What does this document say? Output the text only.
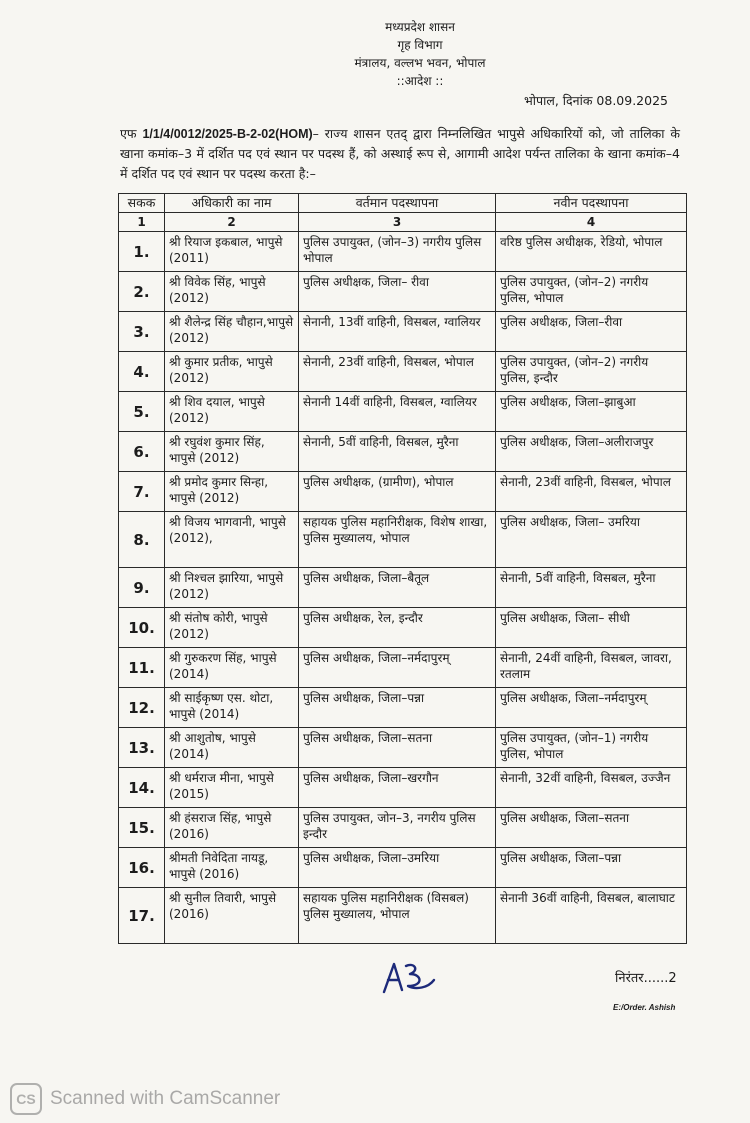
मध्यप्रदेश शासन
गृह विभाग
मंत्रालय, वल्लभ भवन, भोपाल
::आदेश ::
भोपाल, दिनांक 08.09.2025
एफ 1/1/4/0012/2025-B-2-02(HOM)– राज्य शासन एतद् द्वारा निम्नलिखित भापुसे अधिकारियों को, जो तालिका के खाना कमांक–3 में दर्शित पद एवं स्थान पर पदस्थ हैं, को अस्थाई रूप से, आगामी आदेश पर्यन्त तालिका के खाना कमांक–4 में दर्शित पद एवं स्थान पर पदस्थ करता है:–
सकक	अधिकारी का नाम	वर्तमान पदस्थापना	नवीन पदस्थापना
1	2	3	4
1.	श्री रियाज इकबाल, भापुसे (2011)	पुलिस उपायुक्त, (जोन–3) नगरीय पुलिस भोपाल	वरिष्ठ पुलिस अधीक्षक, रेडियो, भोपाल
2.	श्री विवेक सिंह, भापुसे (2012)	पुलिस अधीक्षक, जिला– रीवा	पुलिस उपायुक्त, (जोन–2) नगरीय पुलिस, भोपाल
3.	श्री शैलेन्द्र सिंह चौहान,भापुसे (2012)	सेनानी, 13वीं वाहिनी, विसबल, ग्वालियर	पुलिस अधीक्षक, जिला–रीवा
4.	श्री कुमार प्रतीक, भापुसे (2012)	सेनानी, 23वीं वाहिनी, विसबल, भोपाल	पुलिस उपायुक्त, (जोन–2) नगरीय पुलिस, इन्दौर
5.	श्री शिव दयाल, भापुसे (2012)	सेनानी 14वीं वाहिनी, विसबल, ग्वालियर	पुलिस अधीक्षक, जिला–झाबुआ
6.	श्री रघुवंश कुमार सिंह, भापुसे (2012)	सेनानी, 5वीं वाहिनी, विसबल, मुरैना	पुलिस अधीक्षक, जिला–अलीराजपुर
7.	श्री प्रमोद कुमार सिन्हा, भापुसे (2012)	पुलिस अधीक्षक, (ग्रामीण), भोपाल	सेनानी, 23वीं वाहिनी, विसबल, भोपाल
8.	श्री विजय भागवानी, भापुसे (2012),	सहायक पुलिस महानिरीक्षक, विशेष शाखा, पुलिस मुख्यालय, भोपाल	पुलिस अधीक्षक, जिला– उमरिया
9.	श्री निश्चल झारिया, भापुसे (2012)	पुलिस अधीक्षक, जिला–बैतूल	सेनानी, 5वीं वाहिनी, विसबल, मुरैना
10.	श्री संतोष कोरी, भापुसे (2012)	पुलिस अधीक्षक, रेल, इन्दौर	पुलिस अधीक्षक, जिला– सीधी
11.	श्री गुरुकरण सिंह, भापुसे (2014)	पुलिस अधीक्षक, जिला–नर्मदापुरम्	सेनानी, 24वीं वाहिनी, विसबल, जावरा, रतलाम
12.	श्री साईकृष्ण एस. थोटा, भापुसे (2014)	पुलिस अधीक्षक, जिला–पन्ना	पुलिस अधीक्षक, जिला–नर्मदापुरम्
13.	श्री आशुतोष, भापुसे (2014)	पुलिस अधीक्षक, जिला–सतना	पुलिस उपायुक्त, (जोन–1) नगरीय पुलिस, भोपाल
14.	श्री धर्मराज मीना, भापुसे (2015)	पुलिस अधीक्षक, जिला–खरगौन	सेनानी, 32वीं वाहिनी, विसबल, उज्जैन
15.	श्री हंसराज सिंह, भापुसे (2016)	पुलिस उपायुक्त, जोन–3, नगरीय पुलिस इन्दौर	पुलिस अधीक्षक, जिला–सतना
16.	श्रीमती निवेदिता नायडू, भापुसे (2016)	पुलिस अधीक्षक, जिला–उमरिया	पुलिस अधीक्षक, जिला–पन्ना
17.	श्री सुनील तिवारी, भापुसे (2016)	सहायक पुलिस महानिरीक्षक (विसबल) पुलिस मुख्यालय, भोपाल	सेनानी 36वीं वाहिनी, विसबल, बालाघाट
निरंतर......2
E:/Order. Ashish
CS Scanned with CamScanner
